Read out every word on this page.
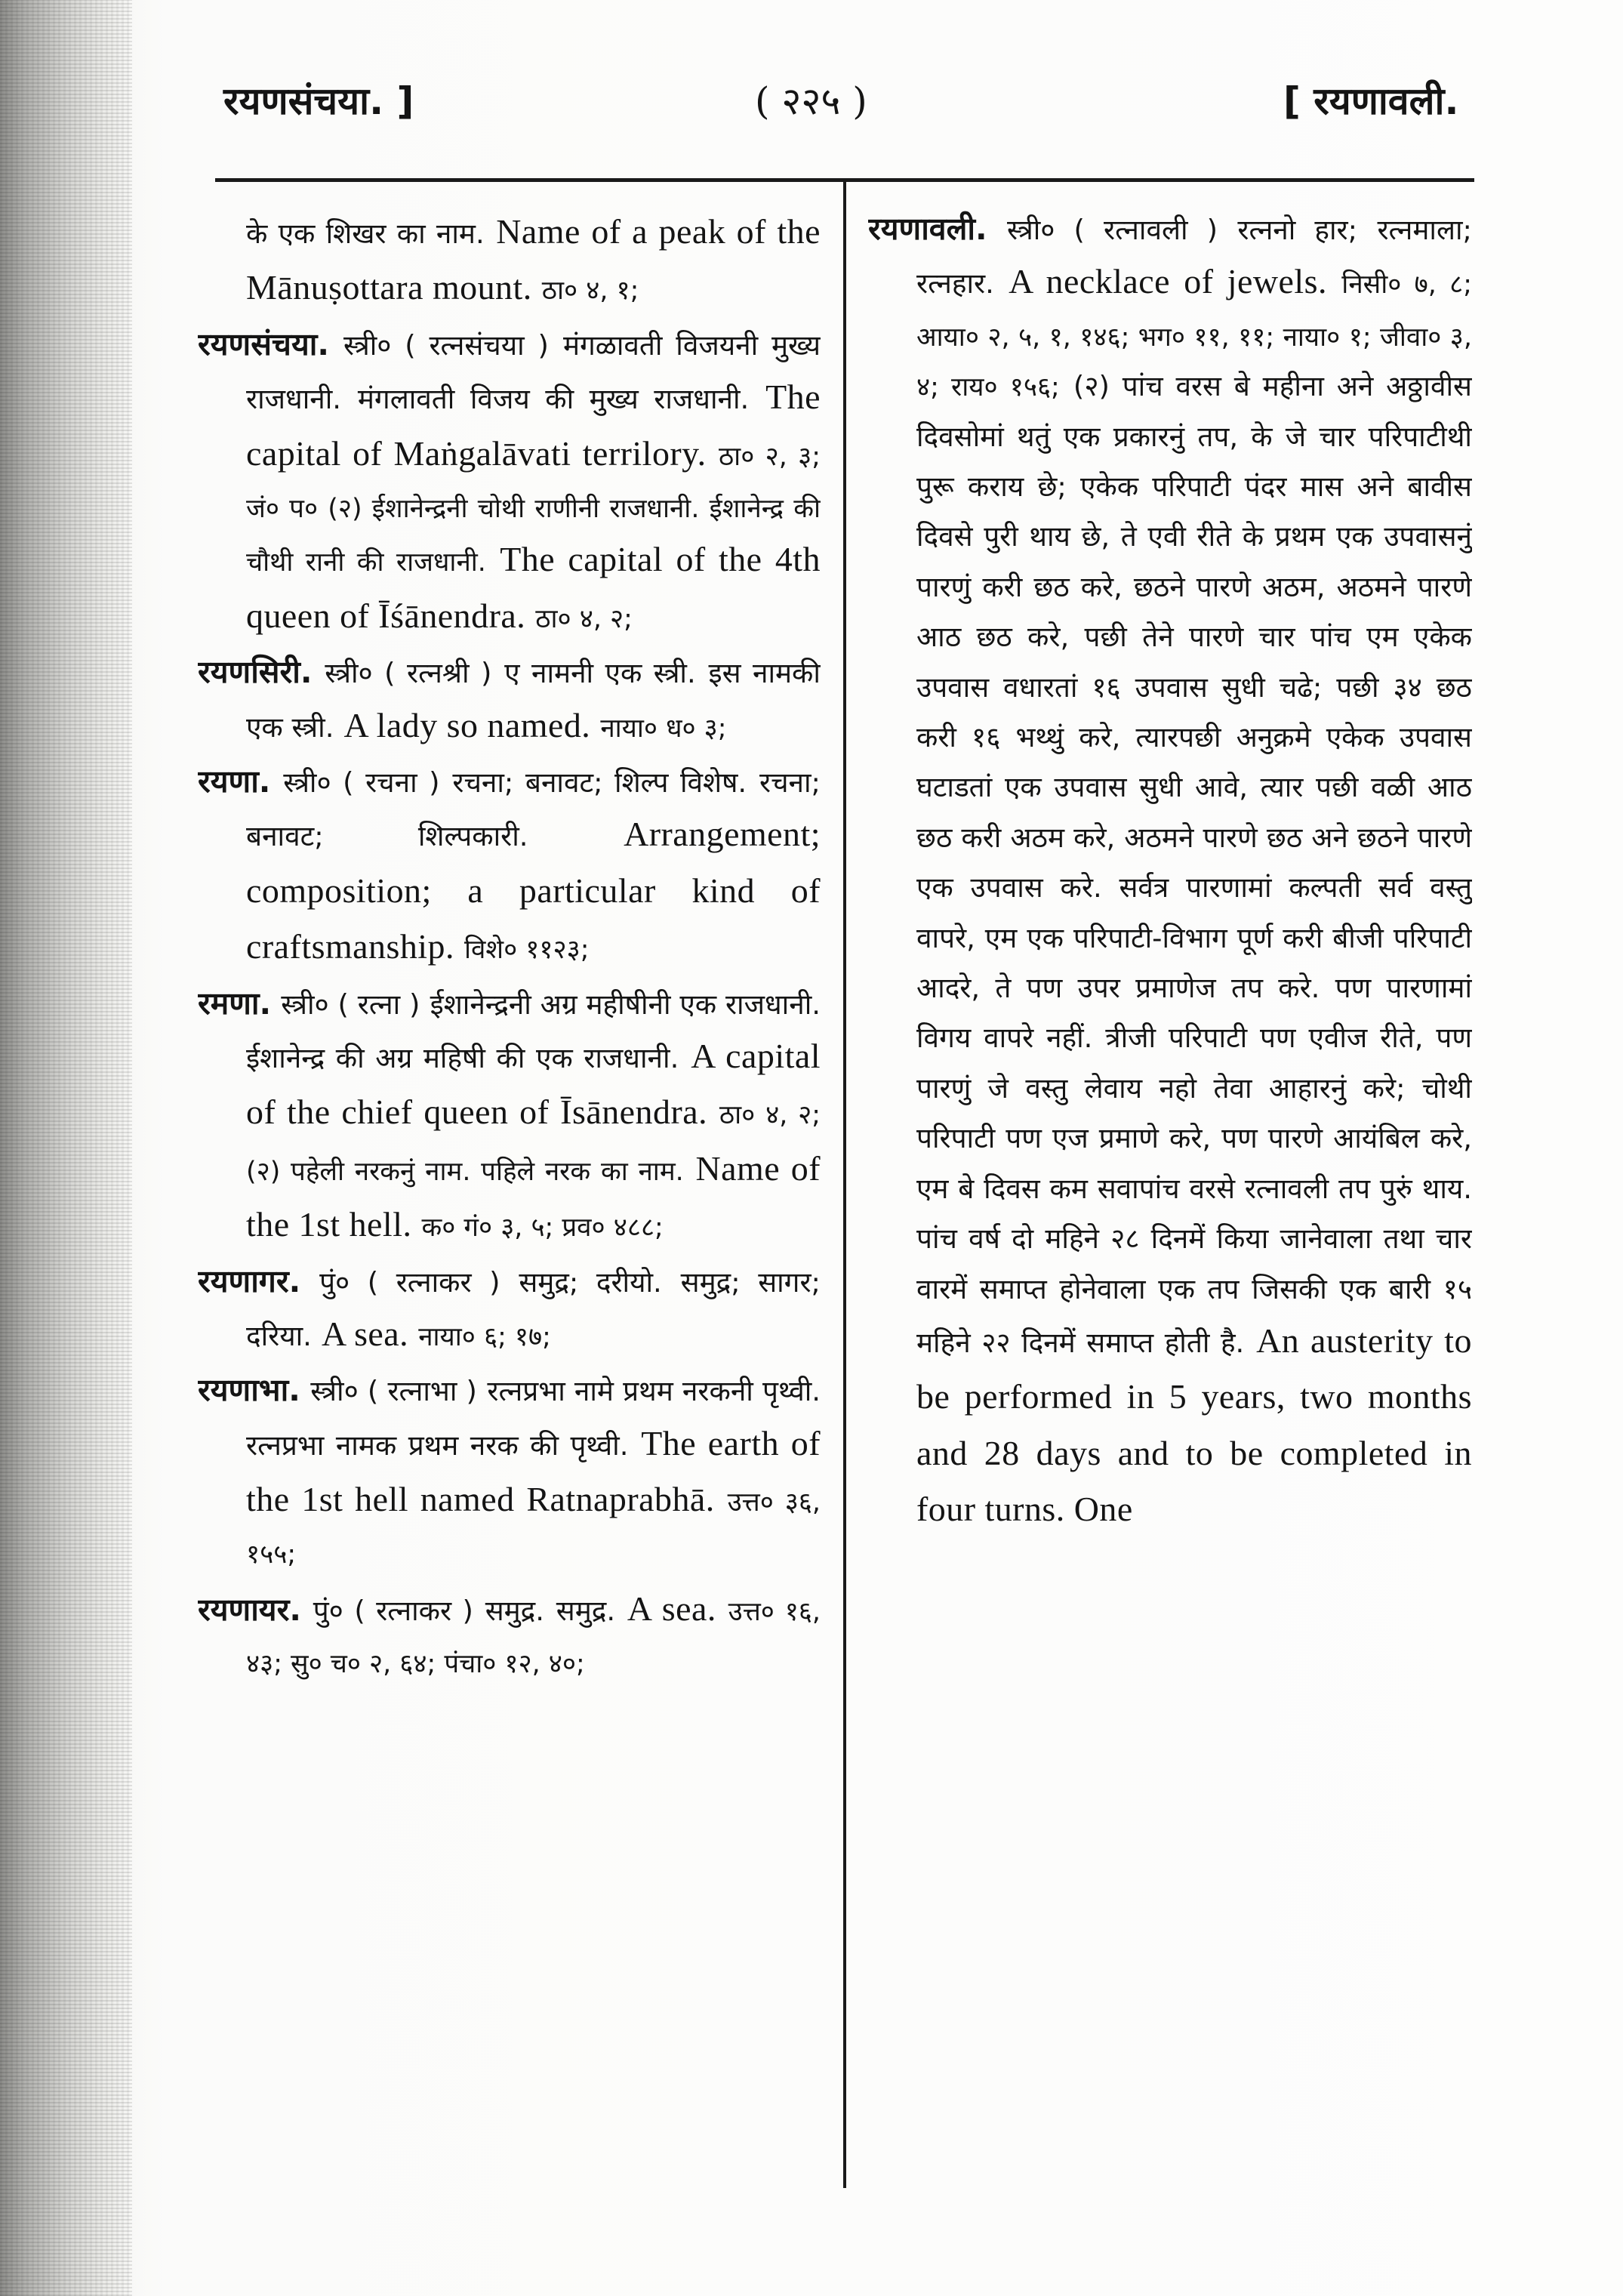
रयणसंचया. ]	( २२५ )	[ रयणावली.

के एक शिखर का नाम. Name of a peak of the Mānuṣottara mount. ठा० ४, १;

रयणसंचया. स्त्री० ( रत्नसंचया ) मंगळावती विजयनी मुख्य राजधानी. मंगलावती विजय की मुख्य राजधानी. The capital of Maṅgalāvati terrilory. ठा० २, ३; जं० प० (२) ईशानेन्द्रनी चोथी राणीनी राजधानी. ईशानेन्द्र की चौथी रानी की राजधानी. The capital of the 4th queen of Īśānendra. ठा० ४, २;

रयणसिरी. स्त्री० ( रत्नश्री ) ए नामनी एक स्त्री. इस नामकी एक स्त्री. A lady so named. नाया० ध० ३;

रयणा. स्त्री० ( रचना ) रचना; बनावट; शिल्प विशेष. रचना; बनावट; शिल्पकारी.	Arrangement; composition; a particular kind of craftsmanship. विशे० ११२३;

रमणा. स्त्री० ( रत्ना ) ईशानेन्द्रनी अग्र महीषीनी एक राजधानी. ईशानेन्द्र की अग्र महिषी की एक राजधानी. A capital of the chief queen of Īsānendra. ठा० ४, २; (२) पहेली नरकनुं नाम. पहिले नरक का नाम. Name of the 1st hell. क० गं० ३, ५; प्रव० ४८८;

रयणागर. पुं० ( रत्नाकर ) समुद्र; दरीयो. समुद्र; सागर; दरिया. A sea. नाया० ६; १७;

रयणाभा. स्त्री० ( रत्नाभा ) रत्नप्रभा नामे प्रथम नरकनी पृथ्वी. रत्नप्रभा नामक प्रथम नरक की पृथ्वी. The earth of the 1st hell named Ratnaprabhā. उत्त० ३६, १५५;

रयणायर. पुं० ( रत्नाकर ) समुद्र. समुद्र. A sea. उत्त० १६, ४३; सु० च० २, ६४; पंचा० १२, ४०;

रयणावली. स्त्री० ( रत्नावली ) रत्ननो हार; रत्नमाला; रत्नहार. A necklace of jewels. निसी० ७, ८; आया० २, ५, १, १४६; भग० ११, ११; नाया० १; जीवा० ३, ४; राय० १५६; (२) पांच वरस बे महीना अने अठ्ठावीस दिवसोमां थतुं एक प्रकारनुं तप, के जे चार परिपाटीथी पुरू कराय छे; एकेक परिपाटी पंदर मास अने बावीस दिवसे पुरी थाय छे, ते एवी रीते के प्रथम एक उपवासनुं पारणुं करी छठ करे, छठने पारणे अठम, अठमने पारणे आठ छठ करे, पछी तेने पारणे चार पांच एम एकेक उपवास वधारतां १६ उपवास सुधी चढे; पछी ३४ छठ करी १६ भथ्थुं करे, त्यारपछी अनुक्रमे एकेक उपवास घटाडतां एक उपवास सुधी आवे, त्यार पछी वळी आठ छठ करी अठम करे, अठमने पारणे छठ अने छठने पारणे एक उपवास करे. सर्वत्र पारणामां कल्पती सर्व वस्तु वापरे, एम एक परिपाटी-विभाग पूर्ण करी बीजी परिपाटी आदरे, ते पण उपर प्रमाणेज तप करे. पण पारणामां विगय वापरे नहीं. त्रीजी परिपाटी पण एवीज रीते, पण पारणुं जे वस्तु लेवाय नहो तेवा आहारनुं करे; चोथी परिपाटी पण एज प्रमाणे करे, पण पारणे आयंबिल करे, एम बे दिवस कम सवापांच वरसे रत्नावली तप पुरुं थाय. पांच वर्ष दो महिने २८ दिनमें किया जानेवाला तथा चार वारमें समाप्त होनेवाला एक तप जिसकी एक बारी १५ महिने २२ दिनमें समाप्त होती है. An austerity to be performed in 5 years, two months and 28 days and to be completed in four turns. One
